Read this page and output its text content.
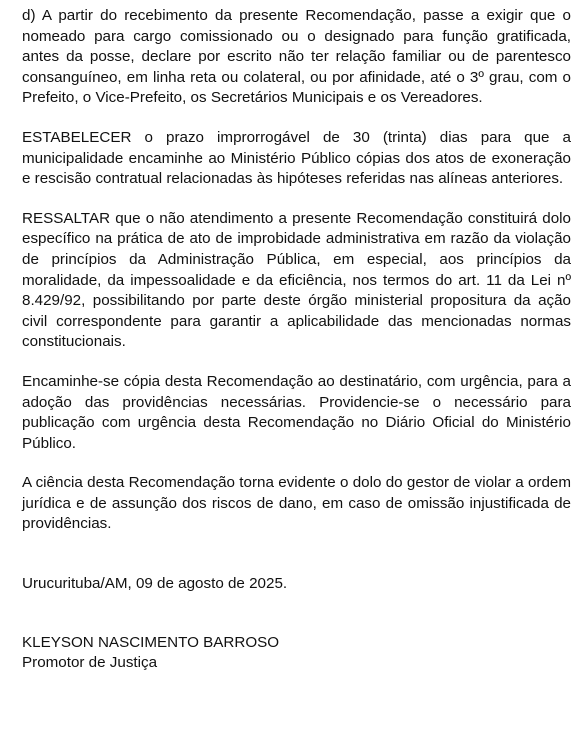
d) A partir do recebimento da presente Recomendação, passe a exigir que o nomeado para cargo comissionado ou o designado para função gratificada, antes da posse, declare por escrito não ter relação familiar ou de parentesco consanguíneo, em linha reta ou colateral, ou por afinidade, até o 3º grau, com o Prefeito, o Vice-Prefeito, os Secretários Municipais e os Vereadores.

ESTABELECER o prazo improrrogável de 30 (trinta) dias para que a municipalidade encaminhe ao Ministério Público cópias dos atos de exoneração e rescisão contratual relacionadas às hipóteses referidas nas alíneas anteriores.

RESSALTAR que o não atendimento a presente Recomendação constituirá dolo específico na prática de ato de improbidade administrativa em razão da violação de princípios da Administração Pública, em especial, aos princípios da moralidade, da impessoalidade e da eficiência, nos termos do art. 11 da Lei nº 8.429/92, possibilitando por parte deste órgão ministerial propositura da ação civil correspondente para garantir a aplicabilidade das mencionadas normas constitucionais.

Encaminhe-se cópia desta Recomendação ao destinatário, com urgência, para a adoção das providências necessárias. Providencie-se o necessário para publicação com urgência desta Recomendação no Diário Oficial do Ministério Público.

A ciência desta Recomendação torna evidente o dolo do gestor de violar a ordem jurídica e de assunção dos riscos de dano, em caso de omissão injustificada de providências.

Urucurituba/AM, 09 de agosto de 2025.

KLEYSON NASCIMENTO BARROSO

Promotor de Justiça
